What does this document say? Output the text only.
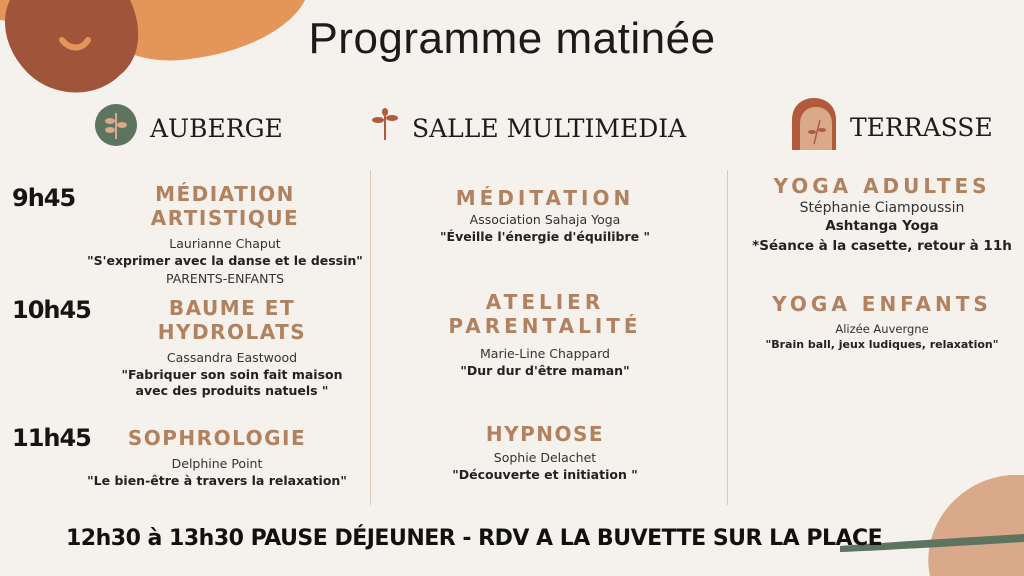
Programme matinée
AUBERGE	SALLE MULTIMEDIA	TERRASSE
9h45
10h45
11h45
MÉDIATION ARTISTIQUE
Laurianne Chaput
"S'exprimer avec la danse et le dessin"
PARENTS-ENFANTS
BAUME ET HYDROLATS
Cassandra Eastwood
"Fabriquer son soin fait maison avec des produits natuels "
SOPHROLOGIE
Delphine Point
"Le bien-être à travers la relaxation"
MÉDITATION
Association Sahaja Yoga
"Éveille l'énergie d'équilibre "
ATELIER PARENTALITÉ
Marie-Line Chappard
"Dur dur d'être maman"
HYPNOSE
Sophie Delachet
"Découverte et initiation "
YOGA ADULTES
Stéphanie Ciampoussin
Ashtanga Yoga
*Séance à la casette, retour à 11h
YOGA ENFANTS
Alizée Auvergne
"Brain ball, jeux ludiques, relaxation"
12h30 à 13h30 PAUSE DÉJEUNER - RDV A LA BUVETTE SUR LA PLACE
